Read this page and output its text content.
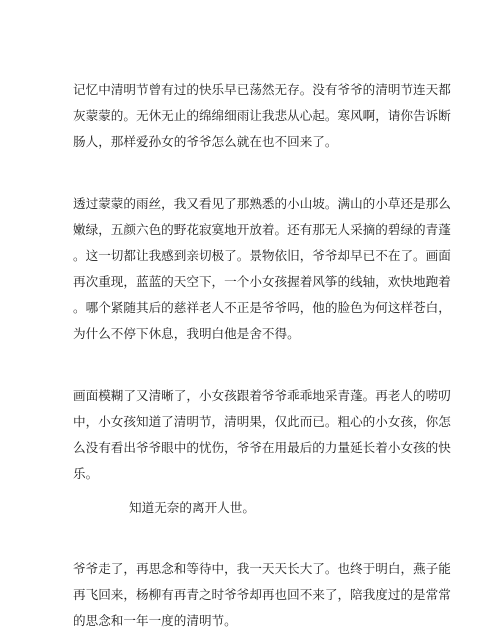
记忆中清明节曾有过的快乐早已荡然无存。没有爷爷的清明节连天都
灰蒙蒙的。无休无止的绵绵细雨让我悲从心起。寒风啊，请你告诉断
肠人，那样爱孙女的爷爷怎么就在也不回来了。
透过蒙蒙的雨丝，我又看见了那熟悉的小山坡。满山的小草还是那么
嫩绿，五颜六色的野花寂寞地开放着。还有那无人采摘的碧绿的青蓬
。这一切都让我感到亲切极了。景物依旧，爷爷却早已不在了。画面
再次重现，蓝蓝的天空下，一个小女孩握着风筝的线轴，欢快地跑着
。哪个紧随其后的慈祥老人不正是爷爷吗，他的脸色为何这样苍白，
为什么不停下休息，我明白他是舍不得。
画面模糊了又清晰了，小女孩跟着爷爷乖乖地采青蓬。再老人的唠叨
中，小女孩知道了清明节，清明果，仅此而已。粗心的小女孩，你怎
么没有看出爷爷眼中的忧伤，爷爷在用最后的力量延长着小女孩的快
乐。
知道无奈的离开人世。
爷爷走了，再思念和等待中，我一天天长大了。也终于明白，燕子能
再飞回来，杨柳有再青之时爷爷却再也回不来了，陪我度过的是常常
的思念和一年一度的清明节。
